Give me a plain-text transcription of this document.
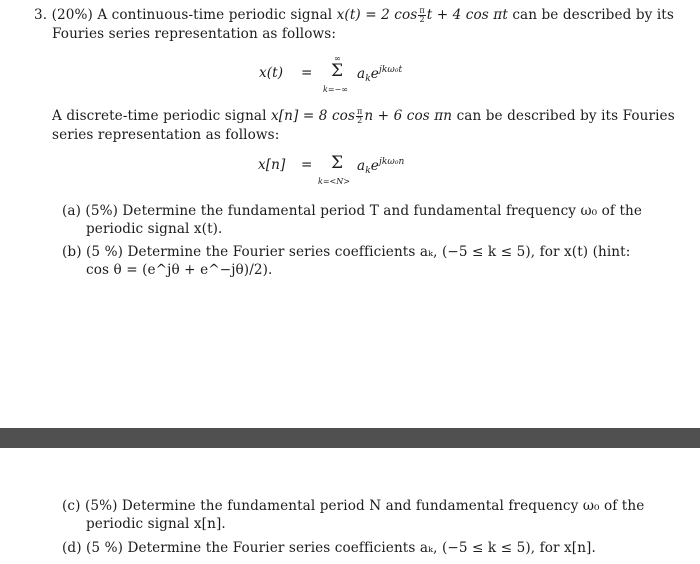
3. (20%) A continuous-time periodic signal x(t) = 2 $\cos \frac{\pi}{2}$ t + 4 cos πt can be described by its
Fouries series representation as follows:
x(t) =
∞
Σ
k=−∞
$a_ke^{jk\omega_0t}$
A discrete-time periodic signal x[n] = 8 $\cos \frac{\pi}{2}$ n + 6 cos πn can be described by its Fouries
series representation as follows:
x[n] = Σ
k=<N>
$a_ke^{jk\omega_0n}$
(a) (5%) Determine the fundamental period T and fundamental frequency ω₀ of the
periodic signal x(t).
(b) (5 %) Determine the Fourier series coefficients aₖ, (−5 ≤ k ≤ 5), for x(t) (hint:
cos θ = (e^jθ + e^−jθ)/2).
(c) (5%) Determine the fundamental period N and fundamental frequency ω₀ of the
periodic signal x[n].
(d) (5 %) Determine the Fourier series coefficients aₖ, (−5 ≤ k ≤ 5), for x[n].
